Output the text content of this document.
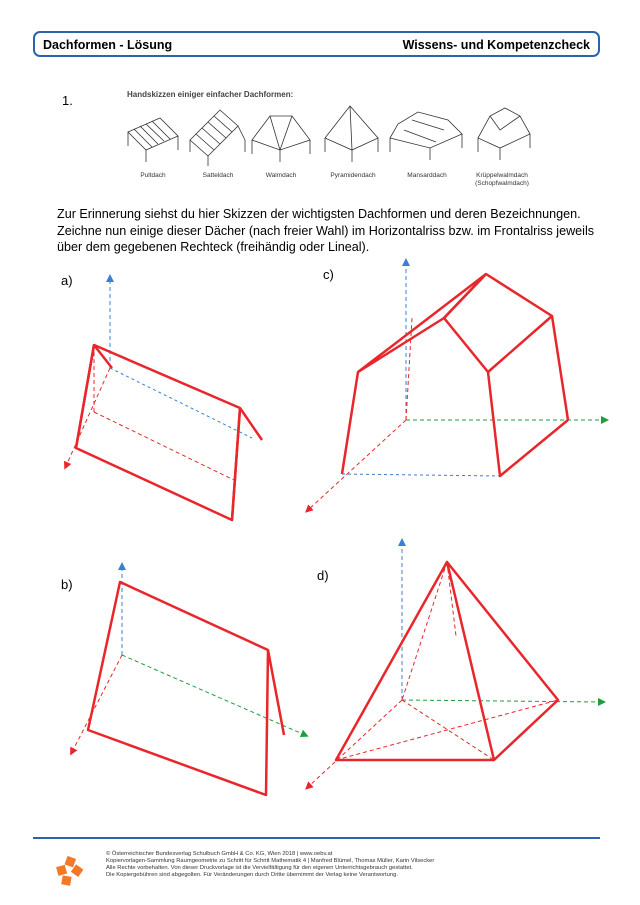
Dachformen - Lösung	Wissens- und Kompetenzcheck
1.	Handskizzen einiger einfacher Dachformen:
Pultdach	Satteldach	Walmdach	Pyramidendach	Mansarddach	Krüppelwalmdach
(Schopfwalmdach)

Zur Erinnerung siehst du hier Skizzen der wichtigsten Dachformen und deren Bezeichnungen.

Zeichne nun einige dieser Dächer (nach freier Wahl) im Horizontalriss bzw. im Frontalriss jeweils

über dem gegebenen Rechteck (freihändig oder Lineal).

a)	c)
b)
d)

© Österreichischer Bundesverlag Schulbuch GmbH & Co. KG, Wien 2018 | www.oebv.at

Kopiervorlagen-Sammlung Raumgeometrie zu Schritt für Schritt Mathematik 4 | Manfred Blümel, Thomas Müller, Karin Vilsecker

Alle Rechte vorbehalten. Von dieser Druckvorlage ist die Vervielfältigung für den eigenen Unterrichtsgebrauch gestattet.

Die Kopiergebühren sind abgegolten. Für Veränderungen durch Dritte übernimmt der Verlag keine Verantwortung.
